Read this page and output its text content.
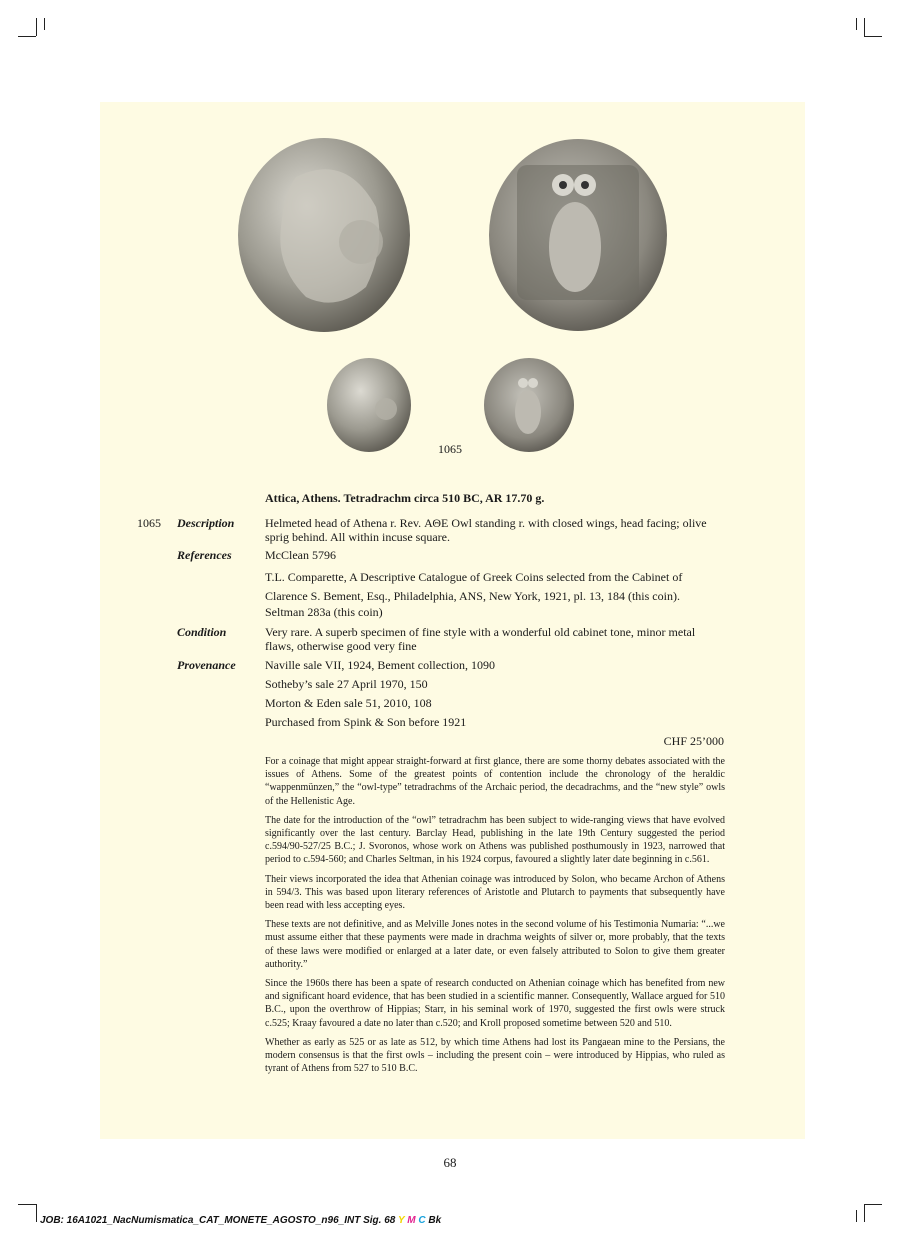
1065
Attica, Athens. Tetradrachm circa 510 BC, AR 17.70 g.
1065 Description	Helmeted head of Athena r. Rev. ΑΘΕ Owl standing r. with closed wings, head facing; olive sprig behind. All within incuse square.
References	McClean 5796
T.L. Comparette, A Descriptive Catalogue of Greek Coins selected from the Cabinet of Clarence S. Bement, Esq., Philadelphia, ANS, New York, 1921, pl. 13, 184 (this coin).
Seltman 283a (this coin)
Condition	Very rare. A superb specimen of fine style with a wonderful old cabinet tone, minor metal flaws, otherwise good very fine
Provenance Naville sale VII, 1924, Bement collection, 1090
Sotheby’s sale 27 April 1970, 150
Morton & Eden sale 51, 2010, 108
Purchased from Spink & Son before 1921
CHF 25’000

For a coinage that might appear straight-forward at first glance, there are some thorny debates associated with the issues of Athens. Some of the greatest points of contention include the chronology of the heraldic “wappenmünzen,” the “owl-type” tetradrachms of the Archaic period, the decadrachms, and the “new style” owls of the Hellenistic Age.

The date for the introduction of the “owl” tetradrachm has been subject to wide-ranging views that have evolved significantly over the last century. Barclay Head, publishing in the late 19th Century suggested the period c.594/90-527/25 B.C.; J. Svoronos, whose work on Athens was published posthumously in 1923, narrowed that period to c.594-560; and Charles Seltman, in his 1924 corpus, favoured a slightly later date beginning in c.561.

Their views incorporated the idea that Athenian coinage was introduced by Solon, who became Archon of Athens in 594/3. This was based upon literary references of Aristotle and Plutarch to payments that subsequently have been read with less accepting eyes.

These texts are not definitive, and as Melville Jones notes in the second volume of his Testimonia Numaria: “...we must assume either that these payments were made in drachma weights of silver or, more probably, that the texts of these laws were modified or enlarged at a later date, or even falsely attributed to Solon to give them greater authority.”

Since the 1960s there has been a spate of research conducted on Athenian coinage which has benefited from new and significant hoard evidence, that has been studied in a scientific manner. Consequently, Wallace argued for 510 B.C., upon the overthrow of Hippias; Starr, in his seminal work of 1970, suggested the first owls were struck c.525; Kraay favoured a date no later than c.520; and Kroll proposed sometime between 520 and 510.

Whether as early as 525 or as late as 512, by which time Athens had lost its Pangaean mine to the Persians, the modern consensus is that the first owls – including the present coin – were introduced by Hippias, who ruled as tyrant of Athens from 527 to 510 B.C.

68
JOB: 16A1021_NacNumismatica_CAT_MONETE_AGOSTO_n96_INT Sig. 68 Y M C Bk
